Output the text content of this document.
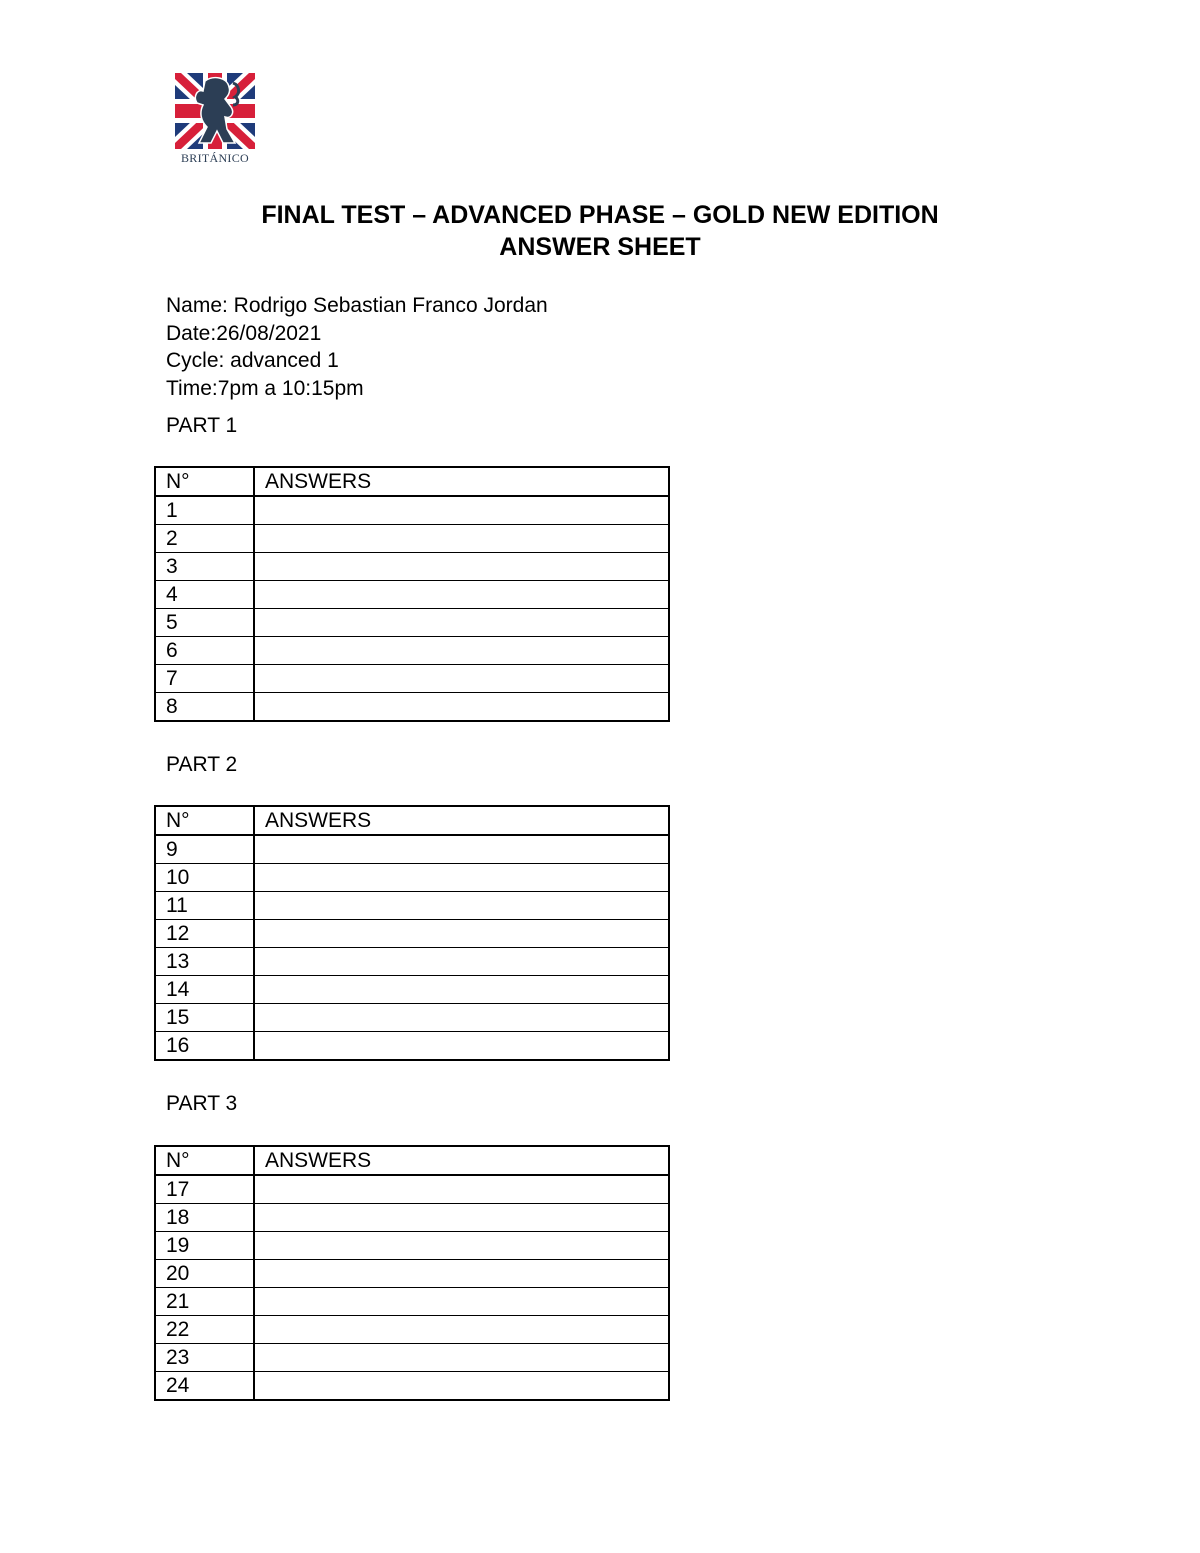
BRITÁNICO
FINAL TEST – ADVANCED PHASE – GOLD NEW EDITION
ANSWER SHEET
Name: Rodrigo Sebastian Franco Jordan
Date:26/08/2021
Cycle: advanced 1
Time:7pm a 10:15pm
PART 1
N°	ANSWERS
1	
2	
3	
4	
5	
6	
7	
8	
PART 2
N°	ANSWERS
9	
10	
11	
12	
13	
14	
15	
16	
PART 3
N°	ANSWERS
17	
18	
19	
20	
21	
22	
23	
24	
